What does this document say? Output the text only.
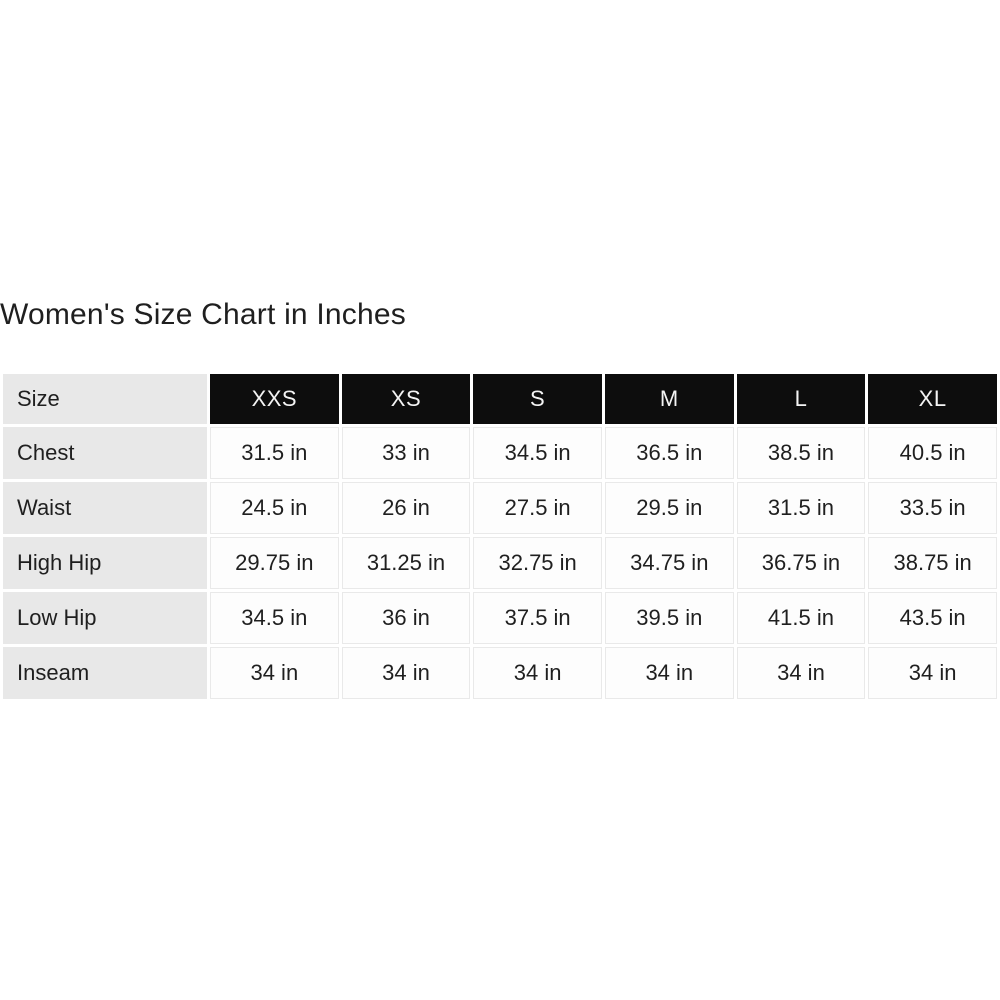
Women's Size Chart in Inches
Size	XXS	XS	S	M	L	XL
Chest	31.5 in	33 in	34.5 in	36.5 in	38.5 in	40.5 in
Waist	24.5 in	26 in	27.5 in	29.5 in	31.5 in	33.5 in
High Hip	29.75 in	31.25 in	32.75 in	34.75 in	36.75 in	38.75 in
Low Hip	34.5 in	36 in	37.5 in	39.5 in	41.5 in	43.5 in
Inseam	34 in	34 in	34 in	34 in	34 in	34 in
